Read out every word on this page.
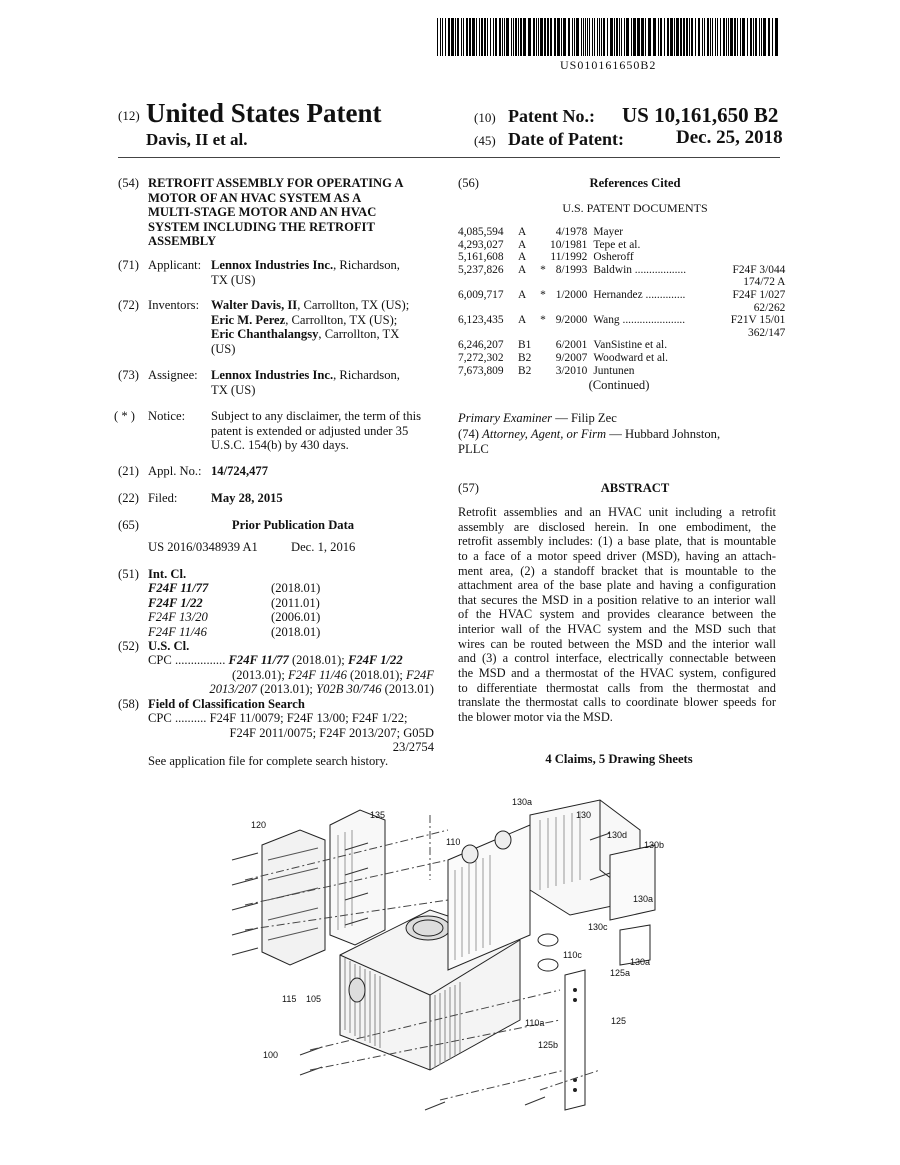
US010161650B2
(12) United States Patent
Davis, II et al.
(10) Patent No.: US 10,161,650 B2
(45) Date of Patent:	Dec. 25, 2018
(54) RETROFIT ASSEMBLY FOR OPERATING A
MOTOR OF AN HVAC SYSTEM AS A
MULTI-STAGE MOTOR AND AN HVAC
SYSTEM INCLUDING THE RETROFIT
ASSEMBLY
(71) Applicant: Lennox Industries Inc., Richardson,
TX (US)
(72) Inventors: Walter Davis, II, Carrollton, TX (US);
Eric M. Perez, Carrollton, TX (US);
Eric Chanthalangsy, Carrollton, TX
(US)
(73) Assignee: Lennox Industries Inc., Richardson,
TX (US)
( * ) Notice: Subject to any disclaimer, the term of this
patent is extended or adjusted under 35
U.S.C. 154(b) by 430 days.
(21) Appl. No.: 14/724,477
(22) Filed:	May 28, 2015
(65)	Prior Publication Data
US 2016/0348939 A1	Dec. 1, 2016
(51) Int. Cl.
F24F 11/77	(2018.01)
F24F 1/22	(2011.01)
F24F 13/20	(2006.01)
F24F 11/46	(2018.01)
(52) U.S. Cl.
CPC ................ F24F 11/77 (2018.01); F24F 1/22
(2013.01); F24F 11/46 (2018.01); F24F
2013/207 (2013.01); Y02B 30/746 (2013.01)
(58) Field of Classification Search
CPC .......... F24F 11/0079; F24F 13/00; F24F 1/22;
F24F 2011/0075; F24F 2013/207; G05D
23/2754
See application file for complete search history.
(56)	References Cited
U.S. PATENT DOCUMENTS
4,085,594	A		4/1978	Mayer	
4,293,027	A		10/1981	Tepe et al.	
5,161,608	A		11/1992	Osheroff	
5,237,826	A	*	8/1993	Baldwin ..................	F24F 3/044
174/72 A					
6,009,717	A	*	1/2000	Hernandez ..............	F24F 1/027
62/262					
6,123,435	A	*	9/2000	Wang ......................	F21V 15/01
362/147					
6,246,207	B1		6/2001	VanSistine et al.	
7,272,302	B2		9/2007	Woodward et al.	
7,673,809	B2		3/2010	Juntunen	
(Continued)
Primary Examiner — Filip Zec
(74) Attorney, Agent, or Firm — Hubbard Johnston,
PLLC
(57)	ABSTRACT
Retrofit assemblies and an HVAC unit including a retrofit
assembly are disclosed herein. In one embodiment, the
retrofit assembly includes: (1) a base plate, that is mountable
to a face of a motor speed driver (MSD), having an attach-
ment area, (2) a standoff bracket that is mountable to the
attachment area of the base plate and having a configuration
that secures the MSD in a position relative to an interior wall
of the HVAC system and provides clearance between the
interior wall of the HVAC system and the MSD such that
wires can be routed between the MSD and the interior wall
and (3) a control interface, electrically connectable between
the MSD and a thermostat of the HVAC system, configured
to differentiate thermostat calls from the thermostat and
translate the thermostat calls to coordinate blower speeds for
the blower motor via the MSD.
4 Claims, 5 Drawing Sheets
120
135
110
130a
130
130d
130b
130a
130c
110c
130a
125a
115 105
110a	125
125b
100
